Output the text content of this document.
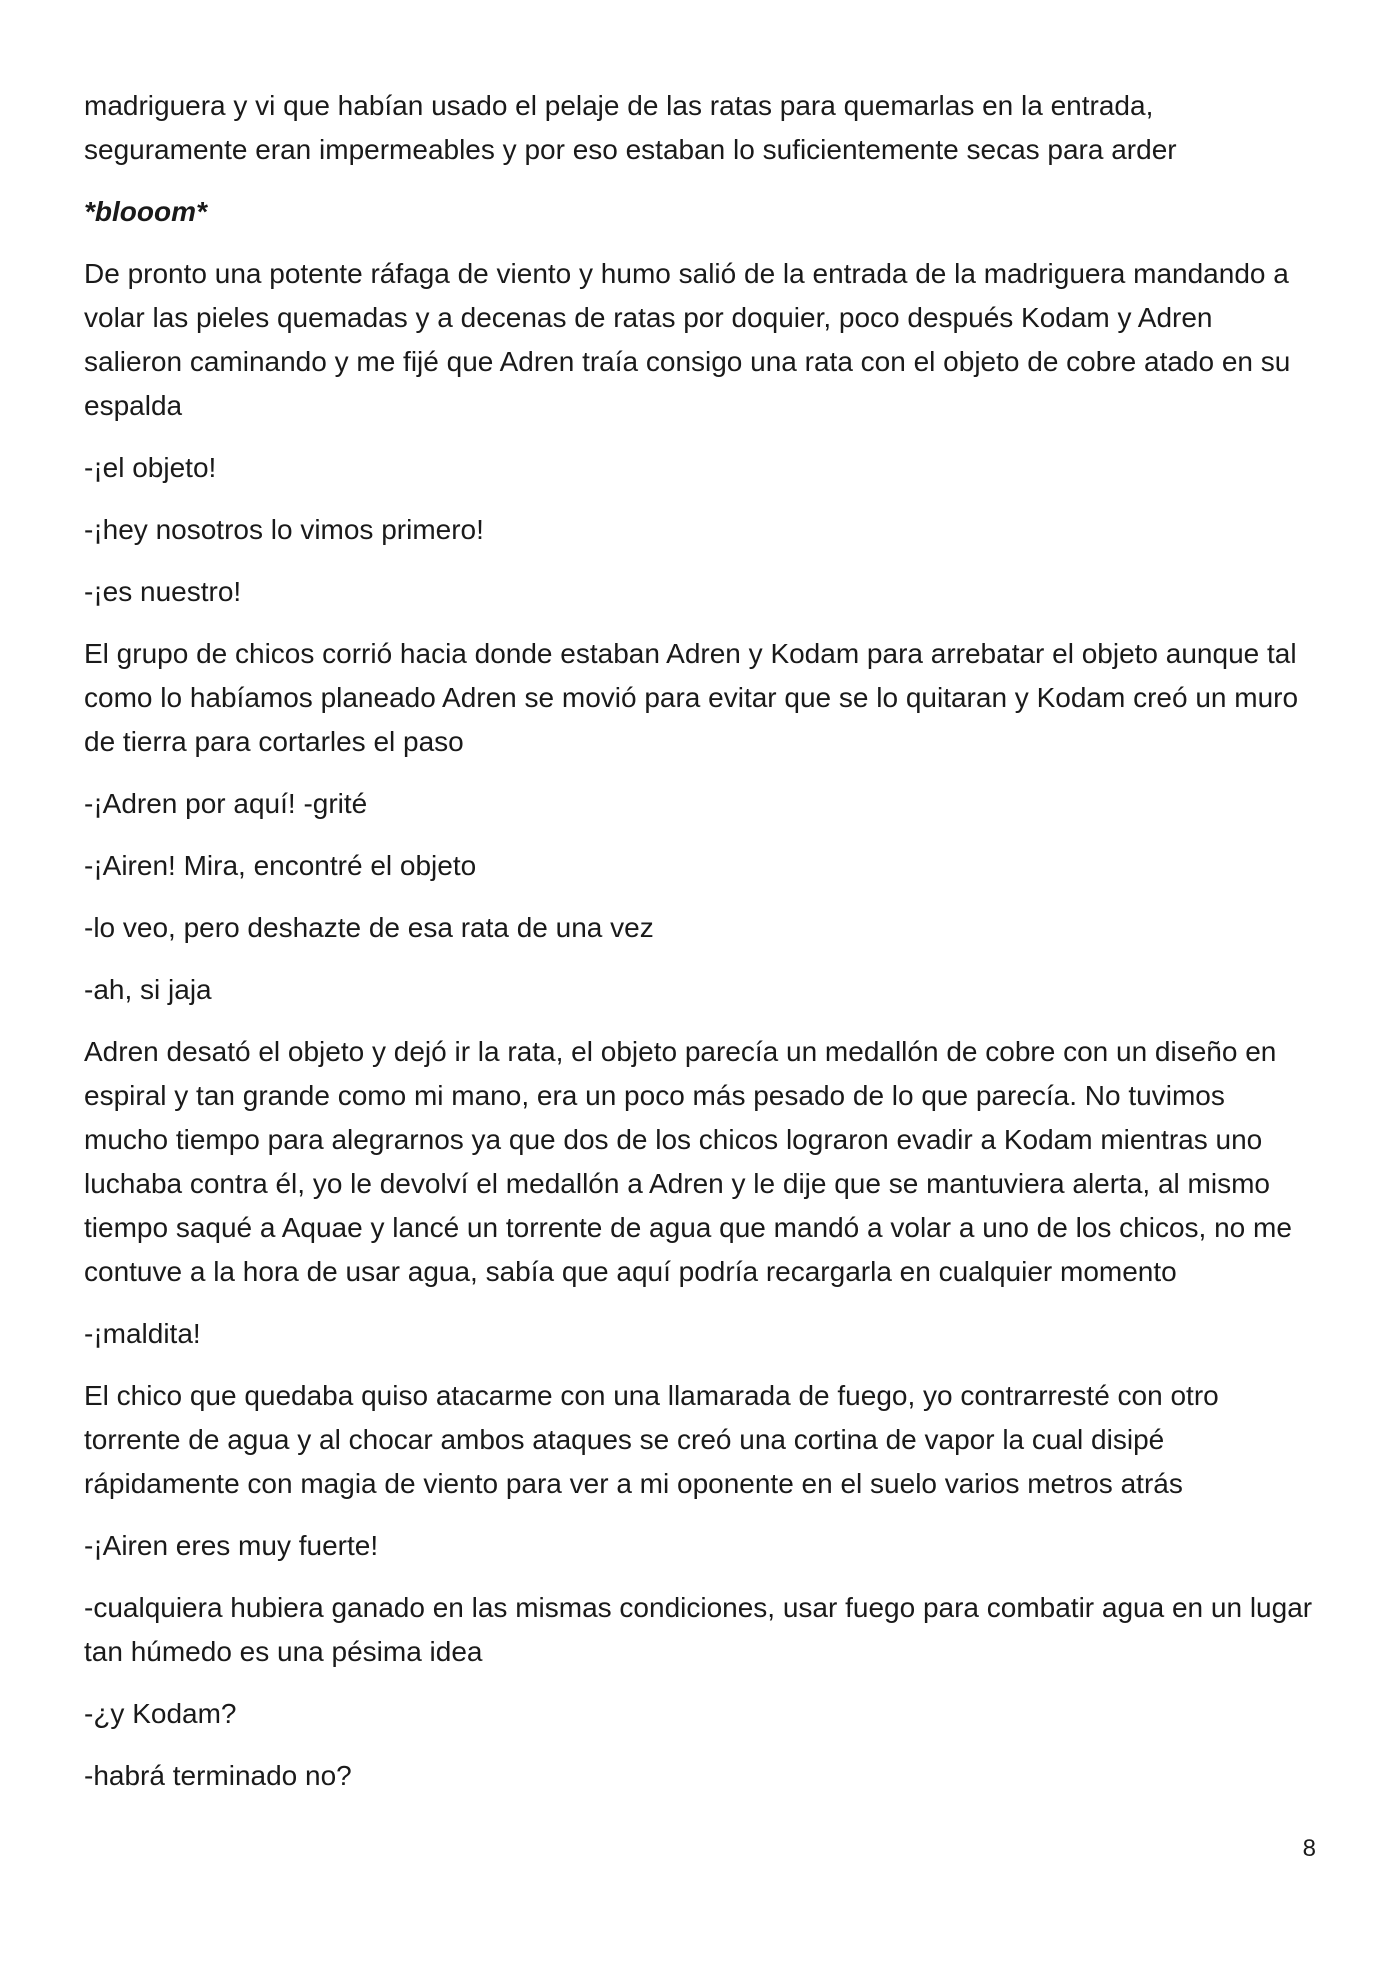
madriguera y vi que habían usado el pelaje de las ratas para quemarlas en la entrada, seguramente eran impermeables y por eso estaban lo suficientemente secas para arder

*blooom*

De pronto una potente ráfaga de viento y humo salió de la entrada de la madriguera mandando a volar las pieles quemadas y a decenas de ratas por doquier, poco después Kodam y Adren salieron caminando y me fijé que Adren traía consigo una rata con el objeto de cobre atado en su espalda

-¡el objeto!

-¡hey nosotros lo vimos primero!

-¡es nuestro!

El grupo de chicos corrió hacia donde estaban Adren y Kodam para arrebatar el objeto aunque tal como lo habíamos planeado Adren se movió para evitar que se lo quitaran y Kodam creó un muro de tierra para cortarles el paso

-¡Adren por aquí! -grité

-¡Airen! Mira, encontré el objeto

-lo veo, pero deshazte de esa rata de una vez

-ah, si jaja

Adren desató el objeto y dejó ir la rata, el objeto parecía un medallón de cobre con un diseño en espiral y tan grande como mi mano, era un poco más pesado de lo que parecía. No tuvimos mucho tiempo para alegrarnos ya que dos de los chicos lograron evadir a Kodam mientras uno luchaba contra él, yo le devolví el medallón a Adren y le dije que se mantuviera alerta, al mismo tiempo saqué a Aquae y lancé un torrente de agua que mandó a volar a uno de los chicos, no me contuve a la hora de usar agua, sabía que aquí podría recargarla en cualquier momento

-¡maldita!

El chico que quedaba quiso atacarme con una llamarada de fuego, yo contrarresté con otro torrente de agua y al chocar ambos ataques se creó una cortina de vapor la cual disipé rápidamente con magia de viento para ver a mi oponente en el suelo varios metros atrás

-¡Airen eres muy fuerte!

-cualquiera hubiera ganado en las mismas condiciones, usar fuego para combatir agua en un lugar tan húmedo es una pésima idea

-¿y Kodam?

-habrá terminado no?

8
